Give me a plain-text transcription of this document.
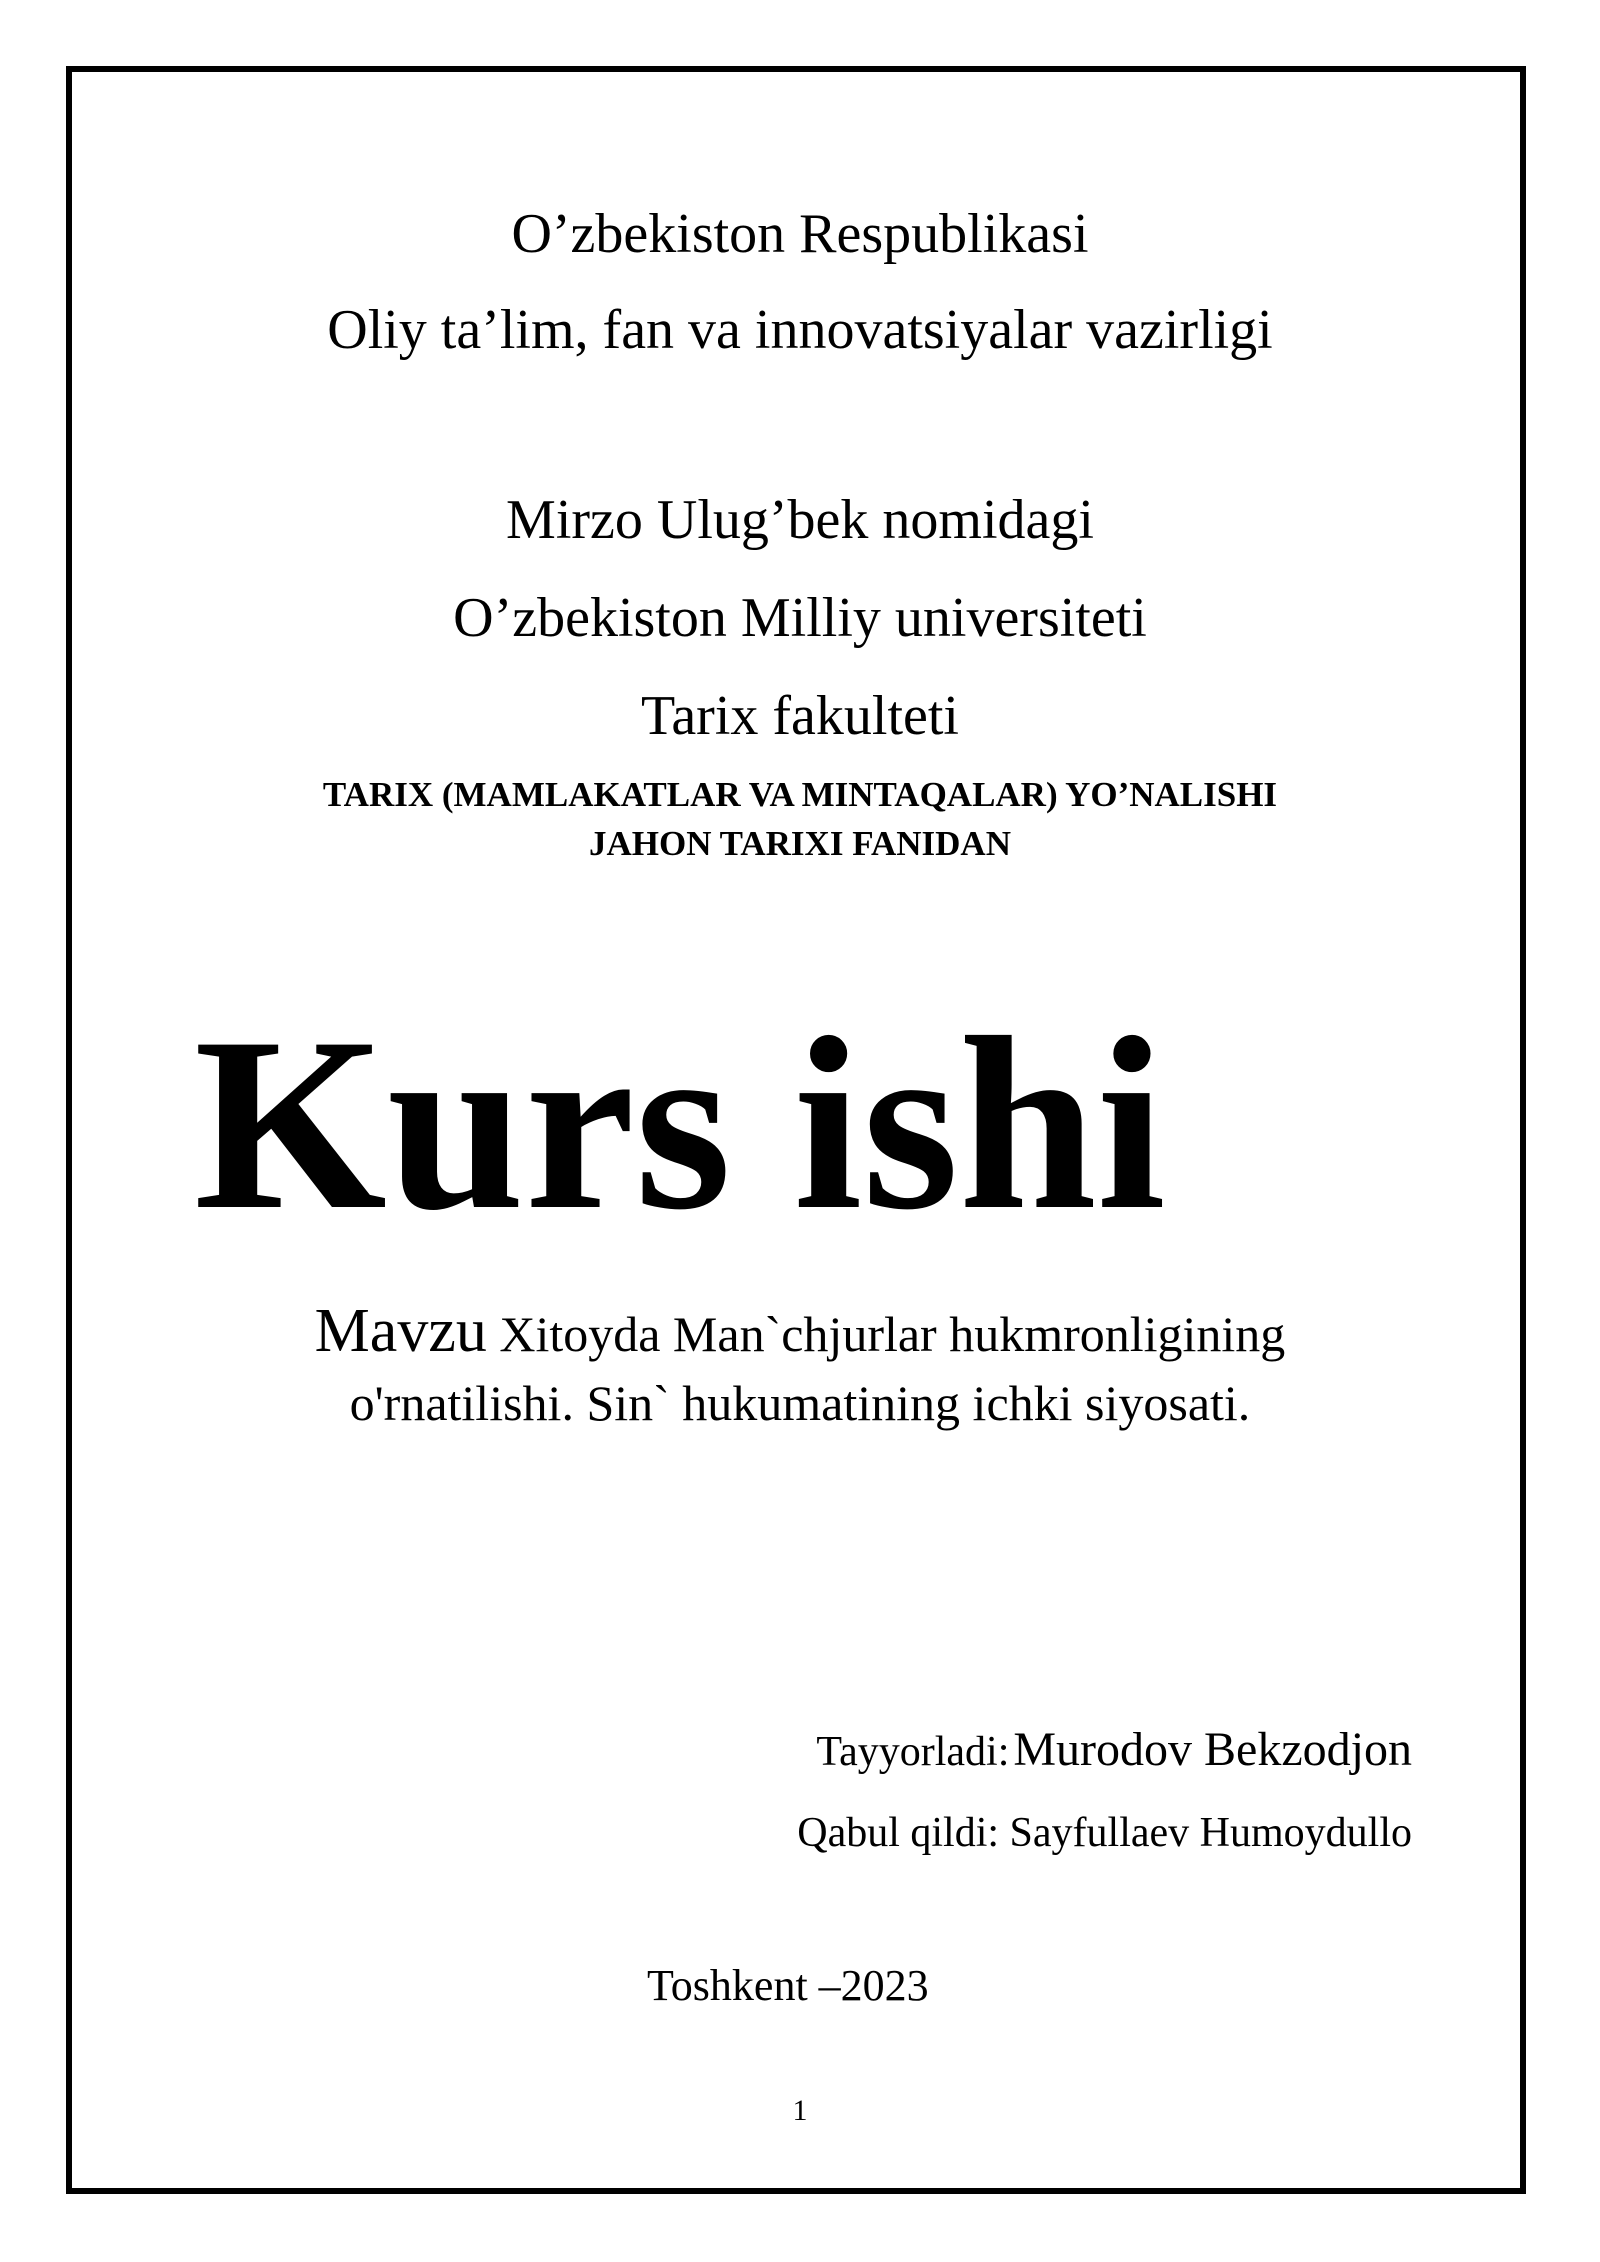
O’zbekiston Respublikasi
Oliy ta’lim, fan va innovatsiyalar vazirligi
Mirzo Ulug’bek nomidagi
O’zbekiston Milliy universiteti
Tarix fakulteti
TARIX (MAMLAKATLAR VA MINTAQALAR) YO’NALISHI
JAHON TARIXI FANIDAN
Kurs ishi
Mavzu Xitoyda Man`chjurlar hukmronligining
o'rnatilishi. Sin` hukumatining ichki siyosati.
Tayyorladi: Murodov Bekzodjon
Qabul qildi: Sayfullaev Humoydullo
Toshkent –2023
1
